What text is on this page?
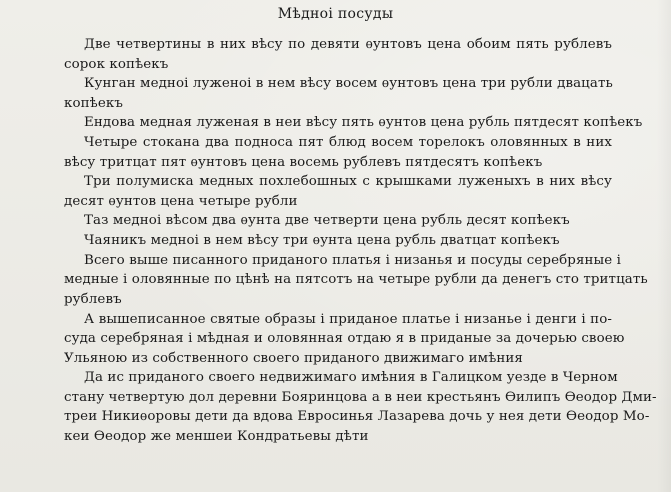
Мѣдноi посуды
Две четвертины в них вѣсу по девяти ѳунтовъ цена обоим пять рублевъ
сорок копѣекъ
Кунган медноi луженоi в нем вѣсу восем ѳунтовъ цена три рубли двацать
копѣекъ
Ендова медная луженая в неи вѣсу пять ѳунтов цена рубль пятдесят копѣекъ
Четыре стокана два подноса пят блюд восем торелокъ оловянных в них
вѣсу тритцат пят ѳунтовъ цена восемь рублевъ пятдесятъ копѣекъ
Три полумиска медных похлебошных с крышками луженыхъ в них вѣсу
десят ѳунтов цена четыре рубли
Таз медноi вѣсом два ѳунта две четверти цена рубль десят копѣекъ
Чаяникъ медноi в нем вѣсу три ѳунта цена рубль дватцат копѣекъ
Всего выше писанного приданого платья i низанья и посуды серебряные i
медные i оловянные по цѣнѣ на пятсотъ на четыре рубли да денегъ сто тритцать
рублевъ
А вышеписанное святые образы i приданое платье i низанье i денги i по-
суда серебряная i мѣдная и оловянная отдаю я в приданые за дочерью своею
Ульяною из собственного своего приданого движимаго имѣния
Да ис приданого своего недвижимаго имѣния в Галицком уезде в Черном
стану четвертую дол деревни Бояринцова а в неи крестьянъ Ѳилипъ Ѳеодор Дми-
треи Никиѳоровы дети да вдова Евросинья Лазарева дочь у нея дети Ѳеодор Мо-
кеи Ѳеодор же меншеи Кондратьевы дѣти
